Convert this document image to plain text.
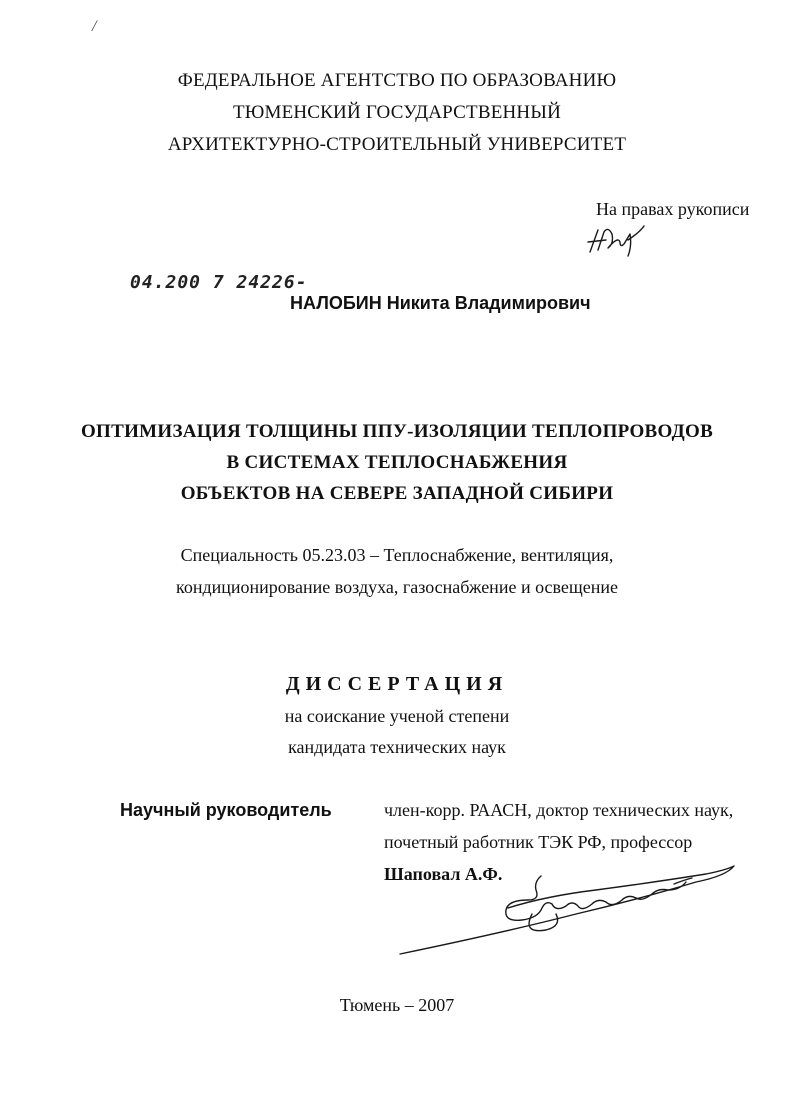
/
ФЕДЕРАЛЬНОЕ АГЕНТСТВО ПО ОБРАЗОВАНИЮ
ТЮМЕНСКИЙ ГОСУДАРСТВЕННЫЙ
АРХИТЕКТУРНО-СТРОИТЕЛЬНЫЙ УНИВЕРСИТЕТ
На правах рукописи
04.200 7 24226-
НАЛОБИН Никита Владимирович
ОПТИМИЗАЦИЯ ТОЛЩИНЫ ППУ-ИЗОЛЯЦИИ ТЕПЛОПРОВОДОВ
В СИСТЕМАХ ТЕПЛОСНАБЖЕНИЯ
ОБЪЕКТОВ НА СЕВЕРЕ ЗАПАДНОЙ СИБИРИ
Специальность 05.23.03 – Теплоснабжение, вентиляция,
кондиционирование воздуха, газоснабжение и освещение
ДИССЕРТАЦИЯ
на соискание ученой степени
кандидата технических наук
Научный руководитель	член-корр. РААСН, доктор технических наук,
почетный работник ТЭК РФ, профессор
Шаповал А.Ф.
Тюмень – 2007
